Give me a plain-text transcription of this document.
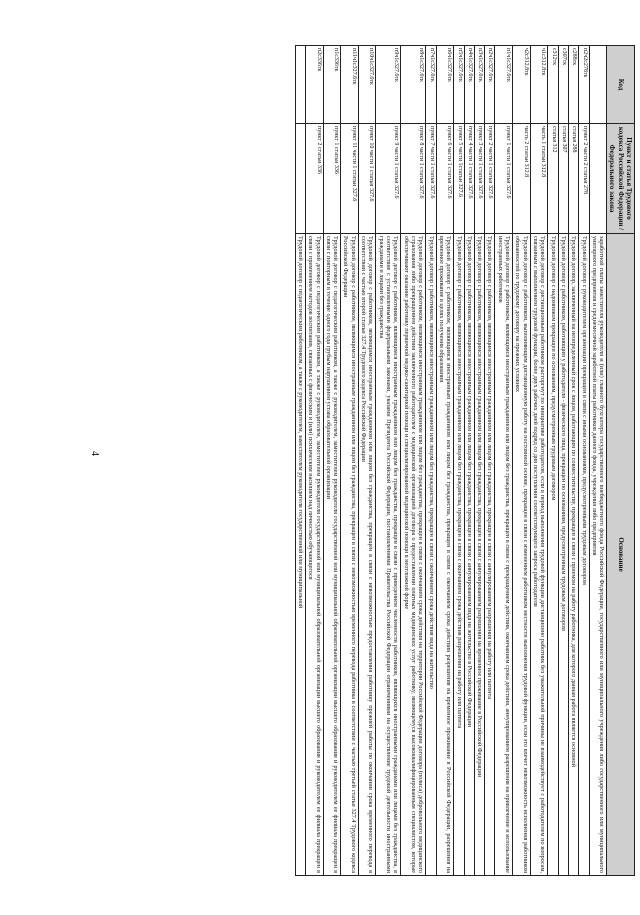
4
Код	Пункт и статья Трудового кодекса Российской Федерации / Федерального закона	Основание
		заработной платы заместителя руководителя и (или) главного бухгалтера государственного внебюджетного фонда Российской Федерации, государственного или муниципального учреждения либо государственного или муниципального унитарного предприятия и среднемесячной заработной платы работников данного фонда, учреждения либо предприятия
п2ч2с278тк	пункт 2 части 2 статьи 278	Трудовой договор с руководителем организации прекращен в связи с иными основаниями, предусмотренными трудовым договором
с288тк	статья 288	Трудовой договор, заключенный на неопределенный срок с лицом, работающим по совместительству, прекращен в связи с приемом на работу работника, для которого данная работа является основной
с307тк	статья 307	Трудовой договор с работником, работающим у работодателя - физического лица, прекращен по основаниям, предусмотренным трудовым договором
с312тк	статья 312	Трудовой договор с надомником прекращен по основаниям, предусмотренным трудовым договором
ч1с312.8тк	часть 1 статьи 312.8	Трудовой договор с дистанционным работником расторгнут по инициативе работодателя, если в период выполнения трудовой функции дистанционно работник без уважительной причины не взаимодействует с работодателем по вопросам, связанным с выполнением трудовой функции, более двух рабочих дней подряд со дня поступления соответствующего запроса работодателя
ч2с312.8тк	часть 2 статьи 312.8	Трудовой договор с работником, выполняющим дистанционную работу на постоянной основе, прекращен в связи с изменением работником местности выполнения трудовой функции, если это влечет невозможность исполнения работником обязанностей по трудовому договору на прежних условиях
п1ч1с327.6тк	пункт 1 части 1 статьи 327.6	Трудовой договор с работником, являющимся иностранным гражданином или лицом без гражданства, прекращен в связи с прекращением действия, окончанием срока действия, аннулированием разрешения на привлечение и использование иностранных работников
п2ч1с327.6тк	пункт 2 части 1 статьи 327.6	Трудовой договор с работником, являющимся иностранным гражданином или лицом без гражданства, прекращен в связи с аннулированием разрешения на работу или патента
п3ч1с327.6тк	пункт 3 части 1 статьи 327.6	Трудовой договор с работником, являющимся иностранным гражданином или лицом без гражданства, прекращен в связи с аннулированием разрешения на временное проживание в Российской Федерации
п4ч1с327.6тк	пункт 4 части 1 статьи 327.6	Трудовой договор с работником, являющимся иностранным гражданином или лицом без гражданства, прекращен в связи с аннулированием вида на жительство в Российской Федерации
п5ч1с327.6тк	пункт 5 части 1статьи 327.6	Трудовой договор с работником, являющимся иностранным гражданином или лицом без гражданства, прекращен в связи с окончанием срока действия разрешения на работу или патента
п6ч1с327.6тк	пункт 6 части 1 статьи 327.6	Трудовой договор с работником, являющимся иностранным гражданином или лицом без гражданства, прекращен в связи с окончанием срока действия разрешения на временное проживание в Российской Федерации, разрешения на временное проживание в целях получения образования
п7ч1с327.6тк	пункт 7 части 1 статьи 327.6	Трудовой договор с работником, являющимся иностранным гражданином или лицом без гражданства, прекращен в связи с окончанием срока действия вида на жительство
п8ч1с327.6тк	пункт 8 части 1 статьи 327.6	Трудовой договор с работником, являющимся иностранным гражданином или лицом без гражданства, прекращен в связи с окончанием срока действия на территории Российской Федерации договора (полиса) добровольного медицинского страхования либо прекращением действия заключенного работодателем с медицинской организацией договора о предоставлении платных медицинских услуг работнику, являющемуся высококвалифицированным специалистом, которые обеспечивают оказание работнику первичной медико-санитарной помощи и специализированной медицинской помощи в неотложной форме
п9ч1с327.6тк	пункт 9 части 1 статьи 327.6	Трудовой договор с работником, являющимся иностранным гражданином или лицом без гражданства, прекращен в связи с приведением численности работников, являющихся иностранными гражданами или лицами без гражданства, в соответствие с установленными федеральными законами, указами Президента Российской Федерации, постановлениями Правительства Российской Федерации ограничениями на осуществление трудовой деятельности иностранными гражданами и лицами без гражданства
п10ч1с327.6тк	пункт 10 части 1 статьи 327.6	Трудовой договор с работником, являющимся иностранным гражданином или лицом без гражданства, прекращен в связи с невозможностью предоставления работнику прежней работы по окончании срока временного перевода в соответствии с частью второй статьи 327.4 Трудового кодекса Российской Федерации
п11ч1с327.6тк	пункт 11 части 1 статьи 327.6	Трудовой договор с работником, являющимся иностранным гражданином или лицом без гражданства, прекращен в связи с невозможностью временного перевода работника в соответствии с частью третьей статьи 327.4 Трудового кодекса Российской Федерации
п1с336тк	пункт 1 статьи 336	Трудовой договор с педагогическим работником, а также с руководителем, заместителем руководителя государственной или муниципальной образовательной организации высшего образования и руководителем ее филиала прекращен в связи с повторным в течение одного года грубым нарушением устава образовательной организации
п2с336тк	пункт 2 статьи 336	Трудовой договор с педагогическим работником, а также с руководителем, заместителем руководителя государственной или муниципальной образовательной организации высшего образования и руководителем ее филиала прекращен в связи с применением методов воспитания, связанных с физическим и (или) психическим насилием над личностью обучающегося
		Трудовой договор с педагогическим работником, а также с руководителем, заместителем руководителя государственной или муниципальной
